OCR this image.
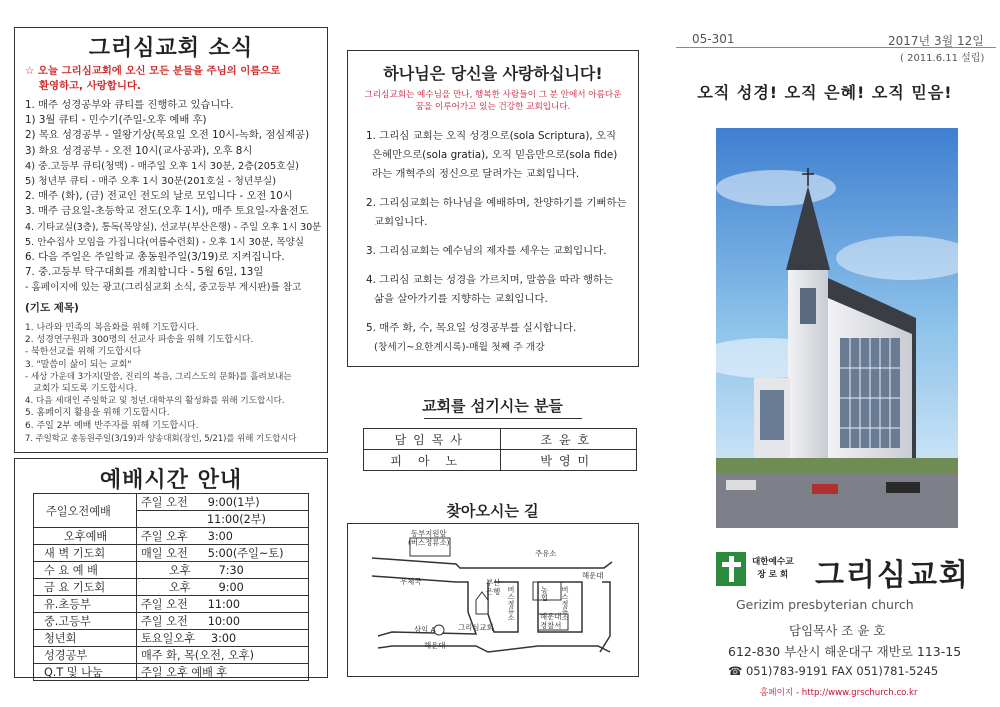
그리심교회 소식
☆ 오늘 그리심교회에 오신 모든 분들을 주님의 이름으로
환영하고, 사랑합니다.
1. 매주 성경공부와 큐티를 진행하고 있습니다.
1) 3월 큐티 - 민수기(주일-오후 예배 후)
2) 목요 성경공부 - 열왕기상(목요일 오전 10시-녹화, 점심제공)
3) 화요 성경공부 - 오전 10시(교사공과), 오후 8시
4) 중.고등부 큐티(청맥) - 매주일 오후 1시 30분, 2층(205호실)
5) 청년부 큐티 - 매주 오후 1시 30분(201호실 - 청년부실)
2. 매주 (화), (금) 전교인 전도의 날로 모입니다 - 오전 10시
3. 매주 금요일-초등학교 전도(오후 1시), 매주 토요일-자율전도
4. 기타교실(3층), 통독(목양실), 선교부(부산은행) - 주일 오후 1시 30분
5. 안수집사 모임을 가집니다(여름수련회) - 오후 1시 30분, 목양실
6. 다음 주일은 주일학교 총동원주일(3/19)로 지켜집니다.
7. 중.고등부 탁구대회를 개최합니다 - 5월 6일, 13일
- 홈페이지에 있는 광고(그리심교회 소식, 중고등부 게시판)를 참고
(기도 제목)
1. 나라와 민족의 복음화를 위해 기도합시다.
2. 성경연구원과 300명의 선교사 파송을 위해 기도합시다.
- 북한선교를 위해 기도합시다
3. "말씀이 삶이 되는 교회"
- 세상 가운데 3가지(말씀, 진리의 복음, 그리스도의 문화)를 흘려보내는
교회가 되도록 기도합시다.
4. 다음 세대인 주일학교 및 청년.대학부의 활성화를 위해 기도합시다.
5. 홈페이지 활용을 위해 기도합시다.
6. 주일 2부 예배 반주자를 위해 기도합시다.
7. 주일학교 총동원주일(3/19)과 양송대회(장인, 5/21)를 위해 기도합시다
예배시간 안내
주일오전예배	주일 오전 9:00(1부)
	11:00(2부)
오후예배	주일 오후 3:00
새 벽 기도회	매일 오전 5:00(주일~토)
수 요 예 배	오후 7:30
금 요 기도회	오후 9:00
유.초등부	주일 오전 11:00
중.고등부	주일 오전 10:00
청년회	토요일오후 3:00
성경공부	매주 화, 목(오전, 오후)
Q.T 및 나눔	주일 오후 예배 후
하나님은 당신을 사랑하십니다!
그리심교회는 예수님을 만나, 행복한 사람들이 그 분 안에서 아름다운
꿈을 이루어가고 있는 건강한 교회입니다.
1. 그리심 교회는 오직 성경으로(sola Scriptura), 오직
은혜만으로(sola gratia), 오직 믿음만으로(sola fide)
라는 개혁주의 정신으로 달려가는 교회입니다.
2. 그리심교회는 하나님을 예배하며, 찬양하기를 기뻐하는
교회입니다.
3. 그리심교회는 예수님의 제자를 세우는 교회입니다.
4. 그리심 교회는 성경을 가르치며, 말씀을 따라 행하는
삶을 살아가기를 지향하는 교회입니다.
5. 매주 화, 수, 목요일 성경공부를 실시합니다.
(창세기~요한계시록)-매월 첫째 주 개강
교회를 섬기시는 분들
담임목사	조윤호
피아노	박영미
찾아오시는 길
동부지원앞
(버스정류소)
주유소
해운대
우체국	부산
은행 버스정류소	농협 버스정류소
해운대
경찰서
그리심교회
삼익 A
해운대
05-301	2017년 3월 12일
( 2011.6.11 설립)
오직 성경! 오직 은혜! 오직 믿음!
대한예수교
장 로 회 그리심교회
Gerizim presbyterian church
담임목사 조 윤 호
612-830 부산시 해운대구 재반로 113-15
☎ 051)783-9191 FAX 051)781-5245
홈페이지 - http://www.grschurch.co.kr
